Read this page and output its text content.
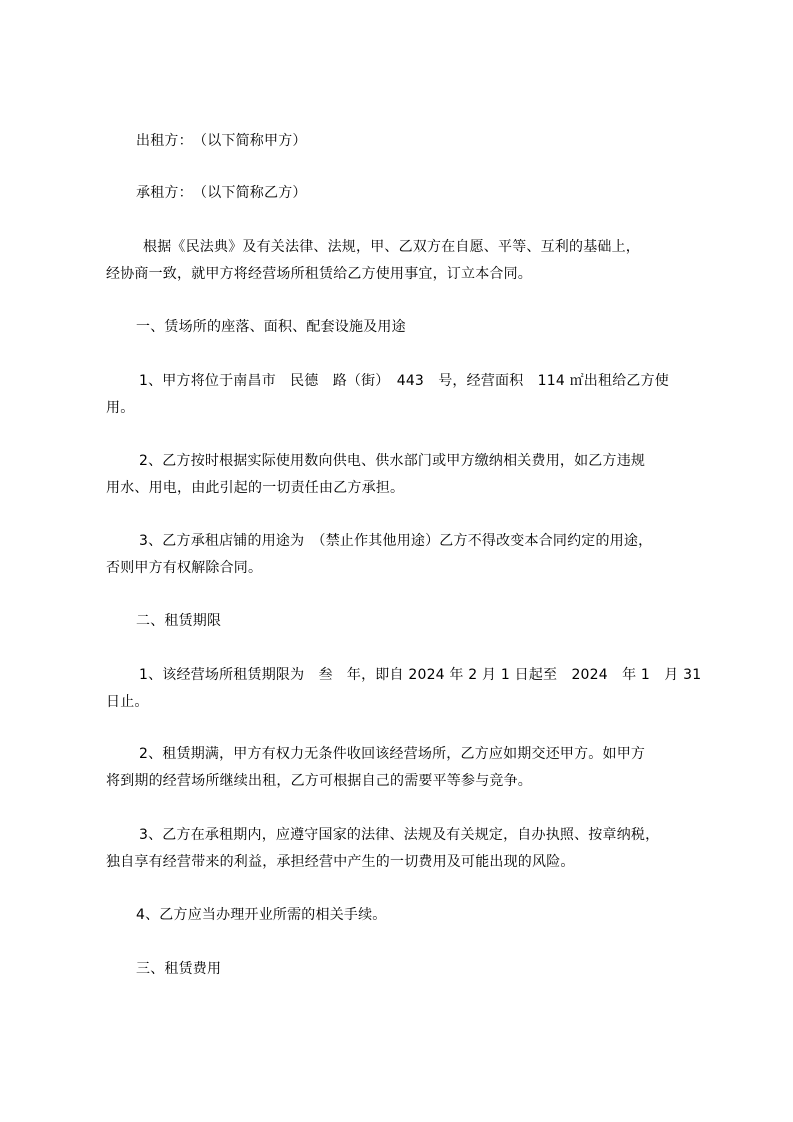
出租方：　（以下简称甲方）
承租方：　（以下简称乙方）
根据《民法典》及有关法律、法规，甲、乙双方在自愿、平等、互利的基础上，
经协商一致，就甲方将经营场所租赁给乙方使用事宜，订立本合同。
一、赁场所的座落、面积、配套设施及用途
1、甲方将位于南昌市　民德　路（街）　443　号，经营面积　114 ㎡出租给乙方使
用。
2、乙方按时根据实际使用数向供电、供水部门或甲方缴纳相关费用，如乙方违规
用水、用电，由此引起的一切责任由乙方承担。
3、乙方承租店铺的用途为　（禁止作其他用途）乙方不得改变本合同约定的用途，
否则甲方有权解除合同。
二、租赁期限
1、该经营场所租赁期限为　叁　年，即自 2024 年 2 月 1 日起至　2024　年 1　月 31
日止。
2、租赁期满，甲方有权力无条件收回该经营场所，乙方应如期交还甲方。如甲方
将到期的经营场所继续出租，乙方可根据自己的需要平等参与竞争。
3、乙方在承租期内，应遵守国家的法律、法规及有关规定，自办执照、按章纳税，
独自享有经营带来的利益，承担经营中产生的一切费用及可能出现的风险。
4、乙方应当办理开业所需的相关手续。
三、租赁费用
